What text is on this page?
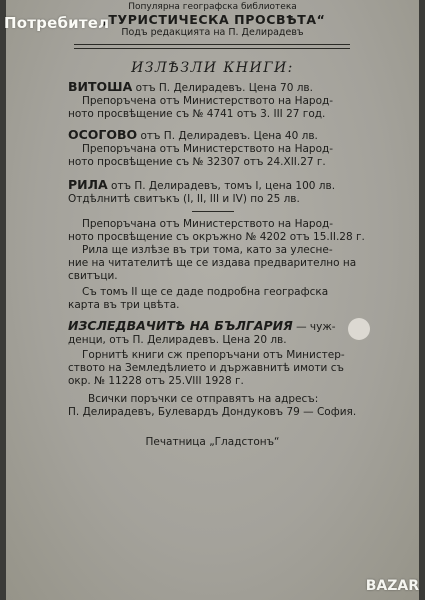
Популярна географска библиотека
„ТУРИСТИЧЕСКА ПРОСВѢТА“
Подъ редакцията на П. Делирадевъ
ИЗЛѢЗЛИ КНИГИ:
ВИТОША отъ П. Делирадевъ. Цена 70 лв.
Препоръчена отъ Министерството на Народ-
ното просвѣщение съ № 4741 отъ 3. III 27 год.
ОСОГОВО отъ П. Делирадевъ. Цена 40 лв.
Препоръчана отъ Министерството на Народ-
ното просвѣщение съ № 32307 отъ 24.XII.27 г.
РИЛА отъ П. Делирадевъ, томъ I, цена 100 лв.
Отдѣлнитѣ свитъкъ (I, II, III и IV) по 25 лв.
Препоръчана отъ Министерството на Народ-
ното просвѣщение съ окръжно № 4202 отъ 15.II.28 г.
Рила ще излѣзе въ три тома, като за улесне-
ние на читателитѣ ще се издава предварително на
свитъци.
Съ томъ II ще се даде подробна географска
карта въ три цвѣта.
ИЗСЛЕДВАЧИТѢ НА БЪЛГАРИЯ — чуж-
денци, отъ П. Делирадевъ. Цена 20 лв.
Горнитѣ книги сж препоръчани отъ Министер-
ството на Земледѣлието и държавнитѣ имоти съ
окр. № 11228 отъ 25.VIII 1928 г.
Всички поръчки се отправятъ на адресъ:
П. Делирадевъ, Булевардъ Дондуковъ 79 — София.
Печатница „Гладстонъ“
Потребител
BAZAR
